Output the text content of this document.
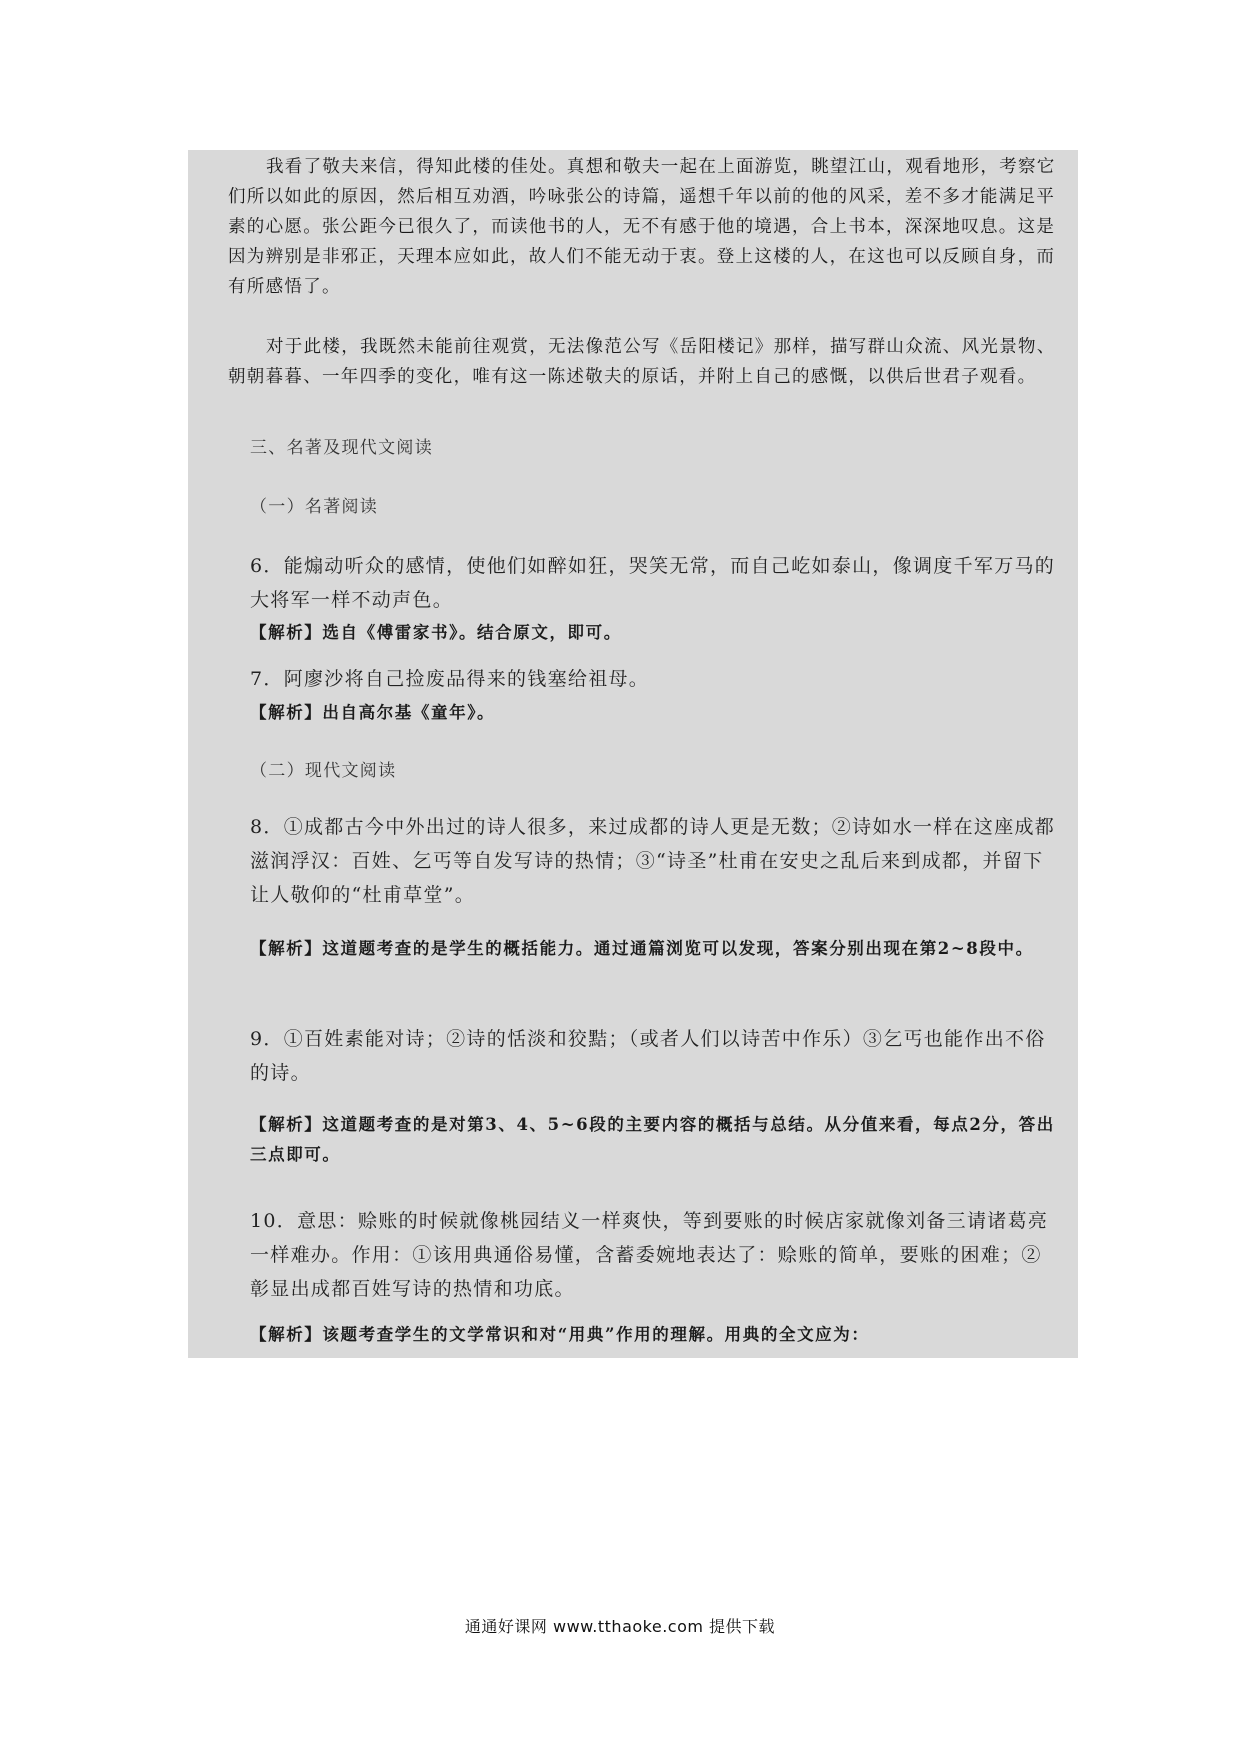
我看了敬夫来信，得知此楼的佳处。真想和敬夫一起在上面游览，眺望江山，观看地形，考察它们所以如此的原因，然后相互劝酒，吟咏张公的诗篇，遥想千年以前的他的风采，差不多才能满足平素的心愿。张公距今已很久了，而读他书的人，无不有感于他的境遇，合上书本，深深地叹息。这是因为辨别是非邪正，天理本应如此，故人们不能无动于衷。登上这楼的人，在这也可以反顾自身，而有所感悟了。

对于此楼，我既然未能前往观赏，无法像范公写《岳阳楼记》那样，描写群山众流、风光景物、朝朝暮暮、一年四季的变化，唯有这一陈述敬夫的原话，并附上自己的感慨，以供后世君子观看。

三、名著及现代文阅读

（一）名著阅读

6．能煽动听众的感情，使他们如醉如狂，哭笑无常，而自己屹如泰山，像调度千军万马的大将军一样不动声色。

【解析】选自《傅雷家书》。结合原文，即可。

7．阿廖沙将自己捡废品得来的钱塞给祖母。

【解析】出自高尔基《童年》。

（二）现代文阅读

8．①成都古今中外出过的诗人很多，来过成都的诗人更是无数；②诗如水一样在这座成都滋润浮汉：百姓、乞丐等自发写诗的热情；③“诗圣”杜甫在安史之乱后来到成都，并留下让人敬仰的“杜甫草堂”。

【解析】这道题考查的是学生的概括能力。通过通篇浏览可以发现，答案分别出现在第2~8段中。

9．①百姓素能对诗；②诗的恬淡和狡黠；（或者人们以诗苦中作乐）③乞丐也能作出不俗的诗。

【解析】这道题考查的是对第3、4、5~6段的主要内容的概括与总结。从分值来看，每点2分，答出三点即可。

10．意思：赊账的时候就像桃园结义一样爽快，等到要账的时候店家就像刘备三请诸葛亮一样难办。作用：①该用典通俗易懂，含蓄委婉地表达了：赊账的简单，要账的困难；②彰显出成都百姓写诗的热情和功底。

【解析】该题考查学生的文学常识和对“用典”作用的理解。用典的全文应为：

通通好课网 www.tthaoke.com 提供下载
